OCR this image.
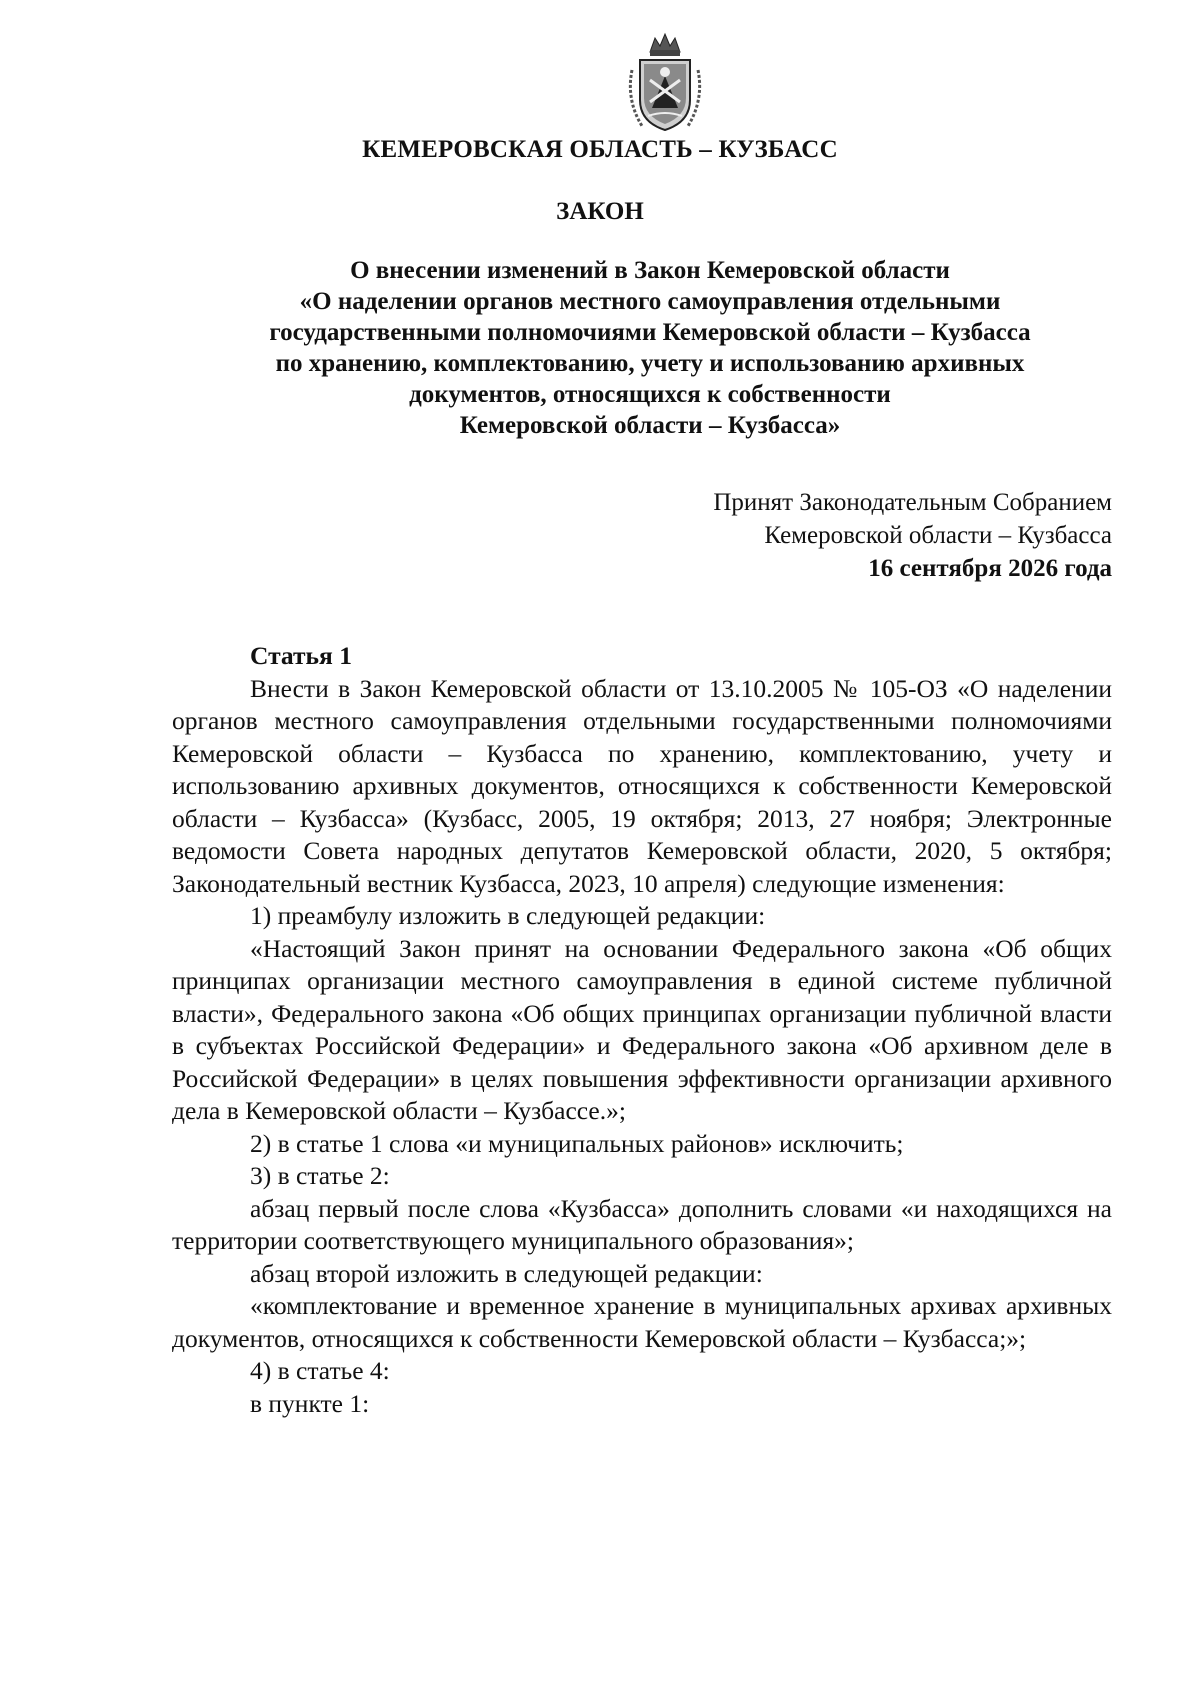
КЕМЕРОВСКАЯ ОБЛАСТЬ – КУЗБАСС
ЗАКОН
О внесении изменений в Закон Кемеровской области
«О наделении органов местного самоуправления отдельными
государственными полномочиями Кемеровской области – Кузбасса
по хранению, комплектованию, учету и использованию архивных
документов, относящихся к собственности
Кемеровской области – Кузбасса»
Принят Законодательным Собранием
Кемеровской области – Кузбасса
16 сентября 2026 года
Статья 1

Внести в Закон Кемеровской области от 13.10.2005 № 105-ОЗ «О наделении органов местного самоуправления отдельными государственными полномочиями Кемеровской области – Кузбасса по хранению, комплектованию, учету и использованию архивных документов, относящихся к собственности Кемеровской области – Кузбасса» (Кузбасс, 2005, 19 октября; 2013, 27 ноября; Электронные ведомости Совета народных депутатов Кемеровской области, 2020, 5 октября; Законодательный вестник Кузбасса, 2023, 10 апреля) следующие изменения:

1) преамбулу изложить в следующей редакции:

«Настоящий Закон принят на основании Федерального закона «Об общих принципах организации местного самоуправления в единой системе публичной власти», Федерального закона «Об общих принципах организации публичной власти в субъектах Российской Федерации» и Федерального закона «Об архивном деле в Российской Федерации» в целях повышения эффективности организации архивного дела в Кемеровской области – Кузбассе.»;

2) в статье 1 слова «и муниципальных районов» исключить;

3) в статье 2:

абзац первый после слова «Кузбасса» дополнить словами «и находящихся на территории соответствующего муниципального образования»;

абзац второй изложить в следующей редакции:

«комплектование и временное хранение в муниципальных архивах архивных документов, относящихся к собственности Кемеровской области – Кузбасса;»;

4) в статье 4:

в пункте 1:
